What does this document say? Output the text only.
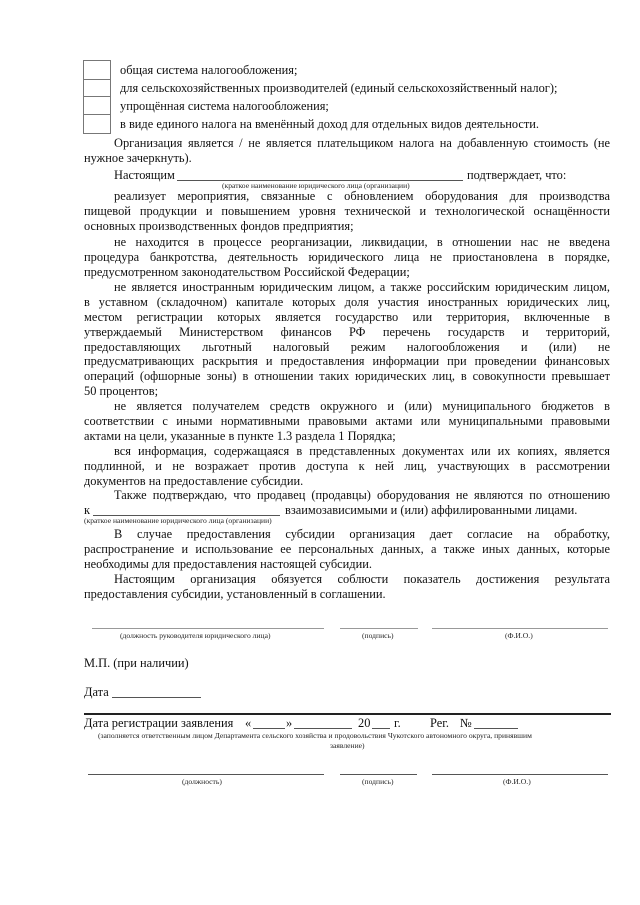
общая система налогообложения;
для сельскохозяйственных производителей (единый сельскохозяйственный налог);
упрощённая система налогообложения;
в виде единого налога на вменённый доход для отдельных видов деятельности.
Организация является / не является плательщиком налога на добавленную стоимость (не
нужное зачеркнуть).
Настоящим	подтверждает, что:
(краткое наименование юридического лица (организации)
реализует мероприятия, связанные с обновлением оборудования для производства
пищевой продукции и повышением уровня технической и технологической оснащённости
основных производственных фондов предприятия;
не находится в процессе реорганизации, ликвидации, в отношении нас не введена
процедура банкротства, деятельность юридического лица не приостановлена в порядке,
предусмотренном законодательством Российской Федерации;
не является иностранным юридическим лицом, а также российским юридическим лицом,
в уставном (складочном) капитале которых доля участия иностранных юридических лиц,
местом регистрации которых является государство или территория, включенные в
утверждаемый Министерством финансов РФ перечень государств и территорий,
предоставляющих льготный налоговый режим налогообложения и (или) не
предусматривающих раскрытия и предоставления информации при проведении финансовых
операций (офшорные зоны) в отношении таких юридических лиц, в совокупности превышает
50 процентов;
не является получателем средств окружного и (или) муниципального бюджетов в
соответствии с иными нормативными правовыми актами или муниципальными правовыми
актами на цели, указанные в пункте 1.3 раздела 1 Порядка;
вся информация, содержащаяся в представленных документах или их копиях, является
подлинной, и не возражает против доступа к ней лиц, участвующих в рассмотрении
документов на предоставление субсидии.
Также подтверждаю, что продавец (продавцы) оборудования не являются по отношению
к	взаимозависимыми и (или) аффилированными лицами.
(краткое наименование юридического лица (организации)
В случае предоставления субсидии организация дает согласие на обработку,
распространение и использование ее персональных данных, а также иных данных, которые
необходимы для предоставления настоящей субсидии.
Настоящим организация обязуется соблюсти показатель достижения результата
предоставления субсидии, установленный в соглашении.
(должность руководителя юридического лица)	(подпись)	(Ф.И.О.)
М.П. (при наличии)
Дата
Дата регистрации заявления «	»	20 г. Рег. №
(заполняется ответственным лицом Департамента сельского хозяйства и продовольствия Чукотского автономного округа, принявшим
заявление)
(должность)	(подпись)	(Ф.И.О.)
